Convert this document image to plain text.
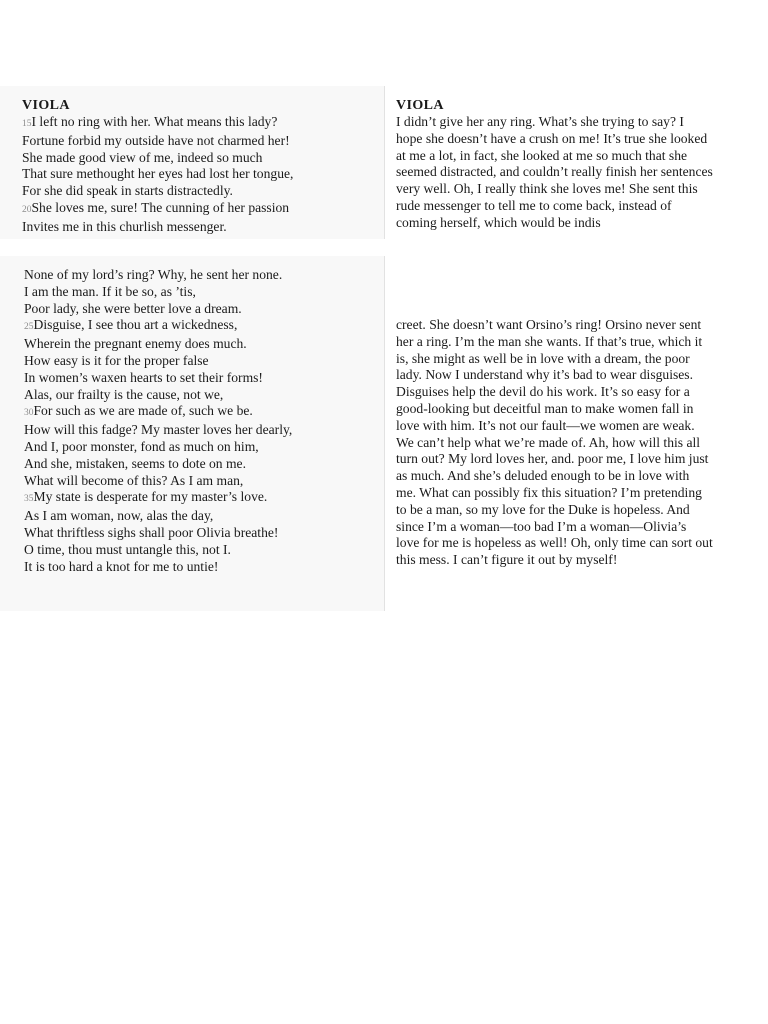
VIOLA
15I left no ring with her. What means this lady?
Fortune forbid my outside have not charmed her!
She made good view of me, indeed so much
That sure methought her eyes had lost her tongue,
For she did speak in starts distractedly.
20She loves me, sure! The cunning of her passion
Invites me in this churlish messenger.
VIOLA
I didn’t give her any ring. What’s she trying to say? I
hope she doesn’t have a crush on me! It’s true she looked
at me a lot, in fact, she looked at me so much that she
seemed distracted, and couldn’t really finish her sentences
very well. Oh, I really think she loves me! She sent this
rude messenger to tell me to come back, instead of
coming herself, which would be indis
None of my lord’s ring? Why, he sent her none.
I am the man. If it be so, as ’tis,
Poor lady, she were better love a dream.
25Disguise, I see thou art a wickedness,
Wherein the pregnant enemy does much.
How easy is it for the proper false
In women’s waxen hearts to set their forms!
Alas, our frailty is the cause, not we,
30For such as we are made of, such we be.
How will this fadge? My master loves her dearly,
And I, poor monster, fond as much on him,
And she, mistaken, seems to dote on me.
What will become of this? As I am man,
35My state is desperate for my master’s love.
As I am woman, now, alas the day,
What thriftless sighs shall poor Olivia breathe!
O time, thou must untangle this, not I.
It is too hard a knot for me to untie!
creet. She doesn’t want Orsino’s ring! Orsino never sent
her a ring. I’m the man she wants. If that’s true, which it
is, she might as well be in love with a dream, the poor
lady. Now I understand why it’s bad to wear disguises.
Disguises help the devil do his work. It’s so easy for a
good-looking but deceitful man to make women fall in
love with him. It’s not our fault—we women are weak.
We can’t help what we’re made of. Ah, how will this all
turn out? My lord loves her, and. poor me, I love him just
as much. And she’s deluded enough to be in love with
me. What can possibly fix this situation? I’m pretending
to be a man, so my love for the Duke is hopeless. And
since I’m a woman—too bad I’m a woman—Olivia’s
love for me is hopeless as well! Oh, only time can sort out
this mess. I can’t figure it out by myself!
